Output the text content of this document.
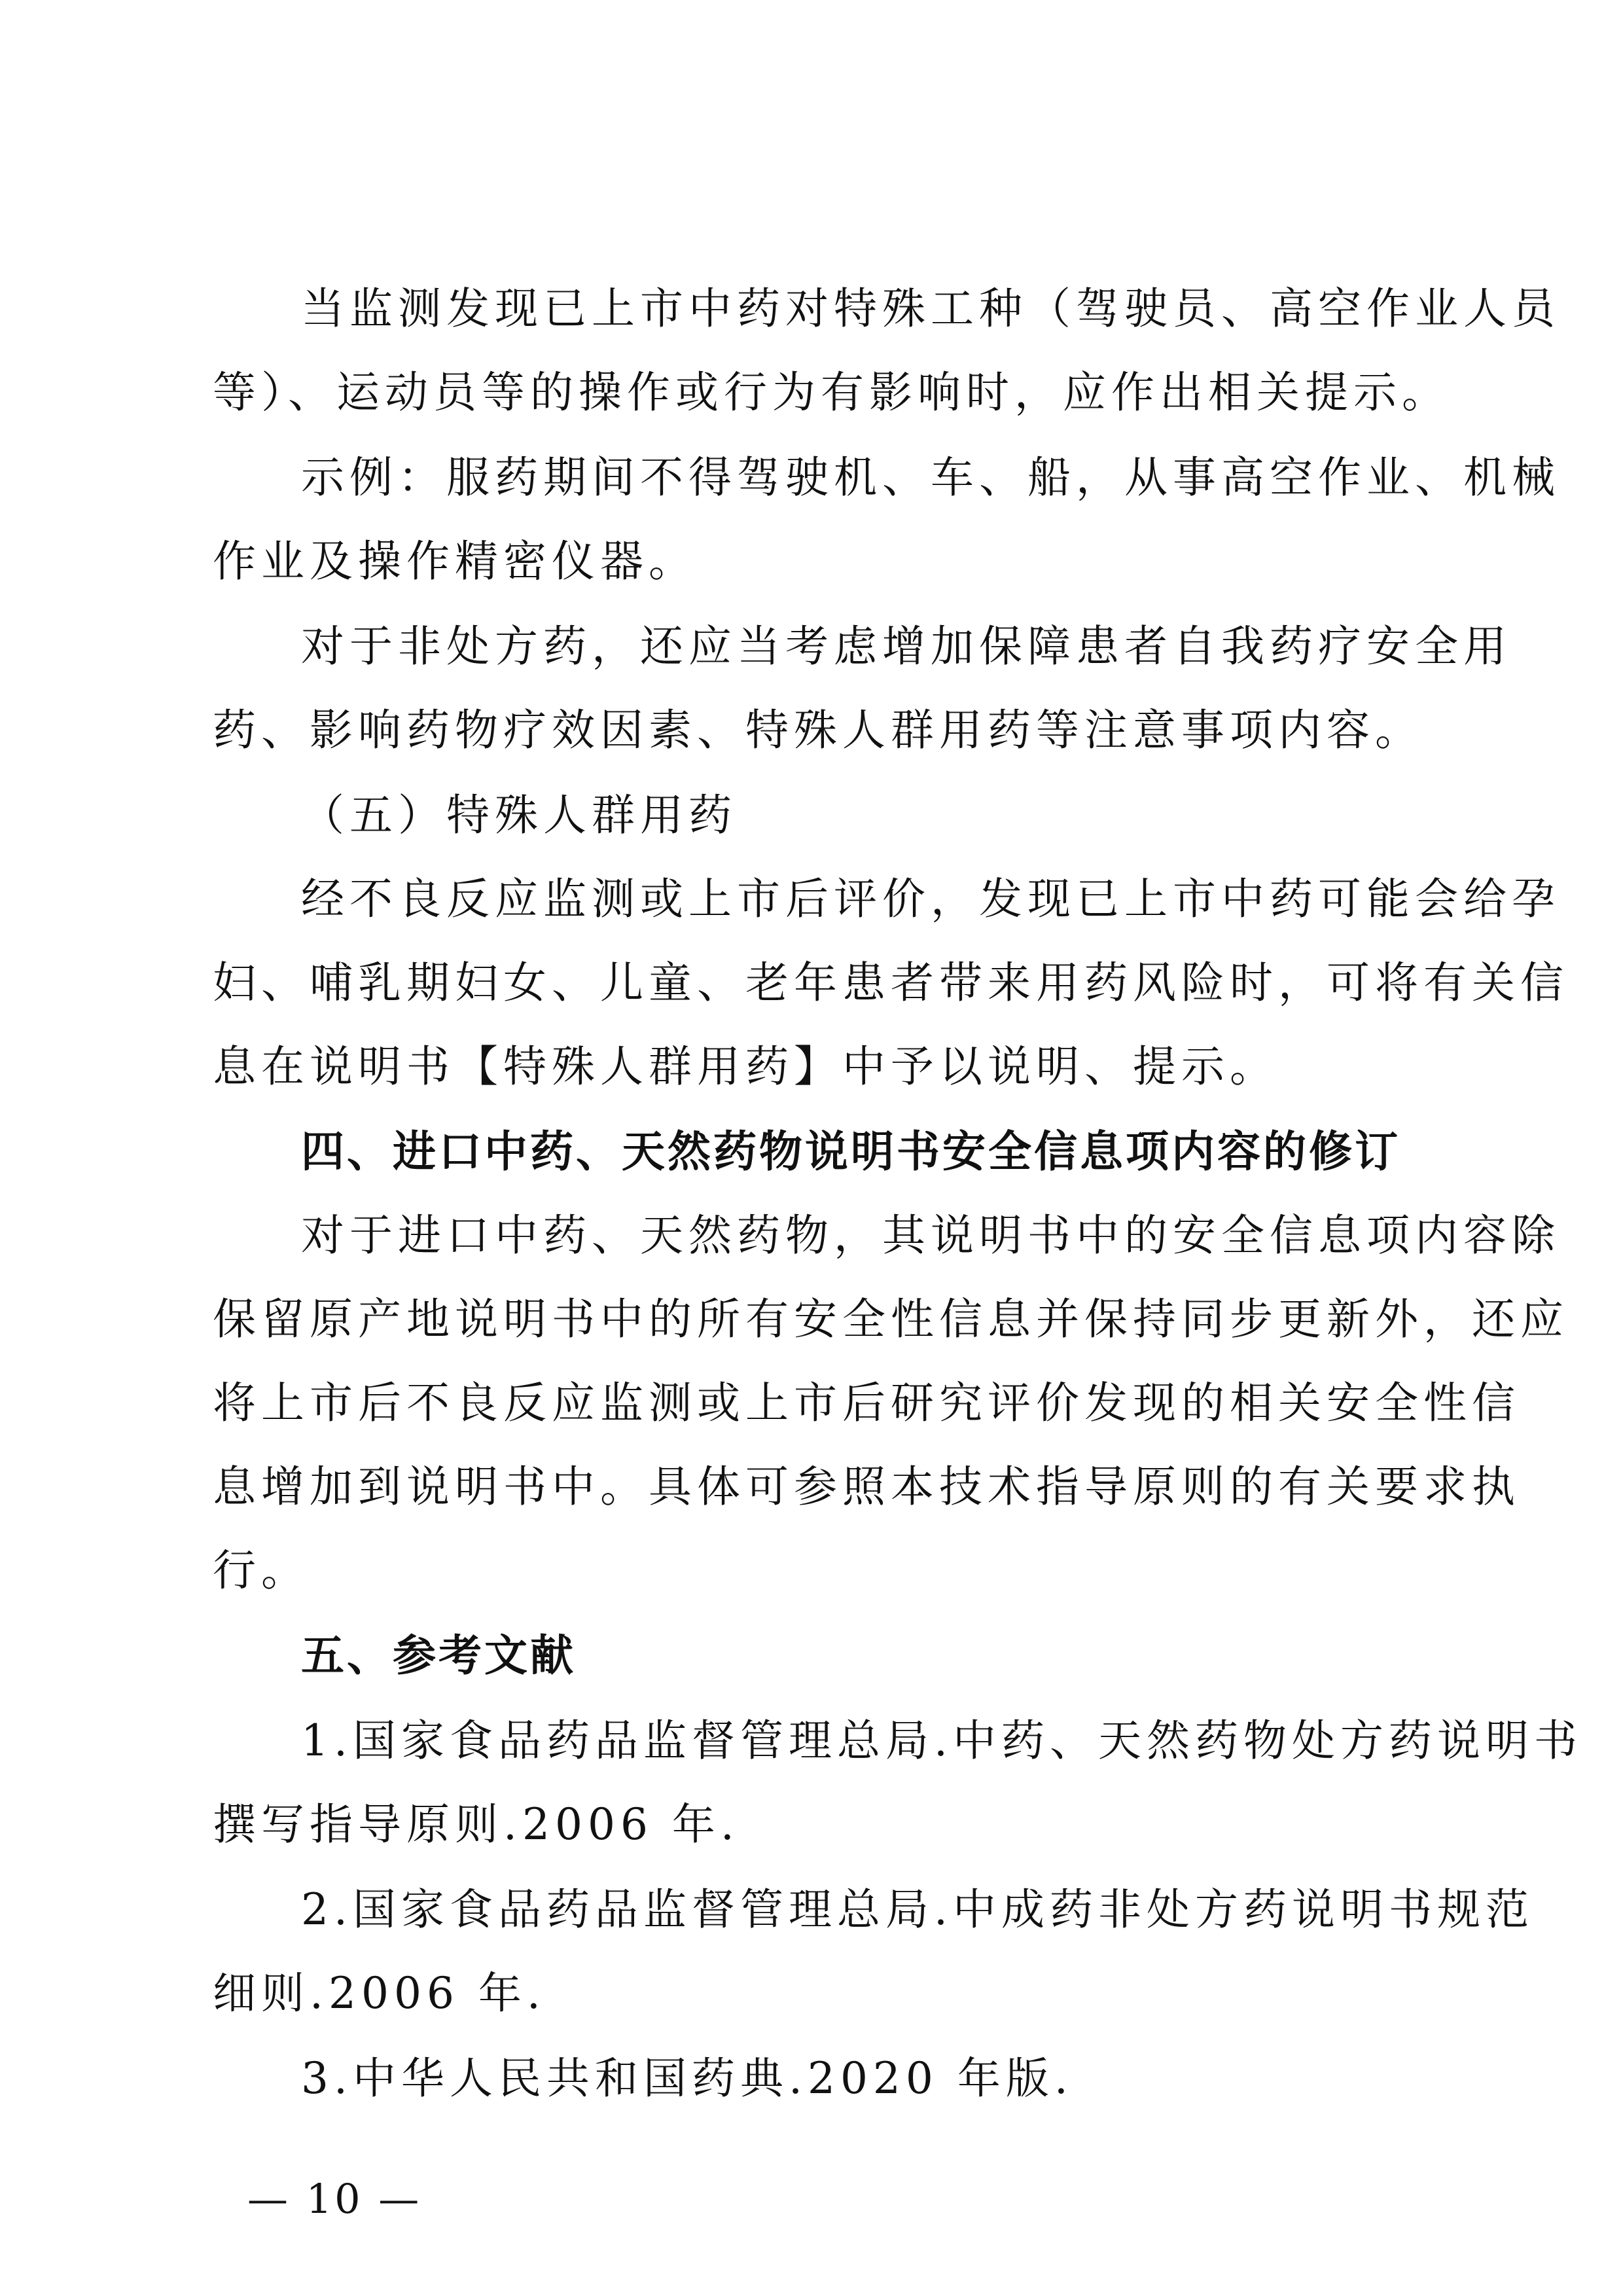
当监测发现已上市中药对特殊工种（驾驶员、高空作业人员
等）、运动员等的操作或行为有影响时，应作出相关提示。
示例：服药期间不得驾驶机、车、船，从事高空作业、机械
作业及操作精密仪器。
对于非处方药，还应当考虑增加保障患者自我药疗安全用
药、影响药物疗效因素、特殊人群用药等注意事项内容。
（五）特殊人群用药
经不良反应监测或上市后评价，发现已上市中药可能会给孕
妇、哺乳期妇女、儿童、老年患者带来用药风险时，可将有关信
息在说明书【特殊人群用药】中予以说明、提示。
四、进口中药、天然药物说明书安全信息项内容的修订
对于进口中药、天然药物，其说明书中的安全信息项内容除
保留原产地说明书中的所有安全性信息并保持同步更新外，还应
将上市后不良反应监测或上市后研究评价发现的相关安全性信
息增加到说明书中。具体可参照本技术指导原则的有关要求执
行。
五、参考文献
1.国家食品药品监督管理总局.中药、天然药物处方药说明书
撰写指导原则.2006 年.
2.国家食品药品监督管理总局.中成药非处方药说明书规范
细则.2006 年.
3.中华人民共和国药典.2020 年版.
— 10 —
